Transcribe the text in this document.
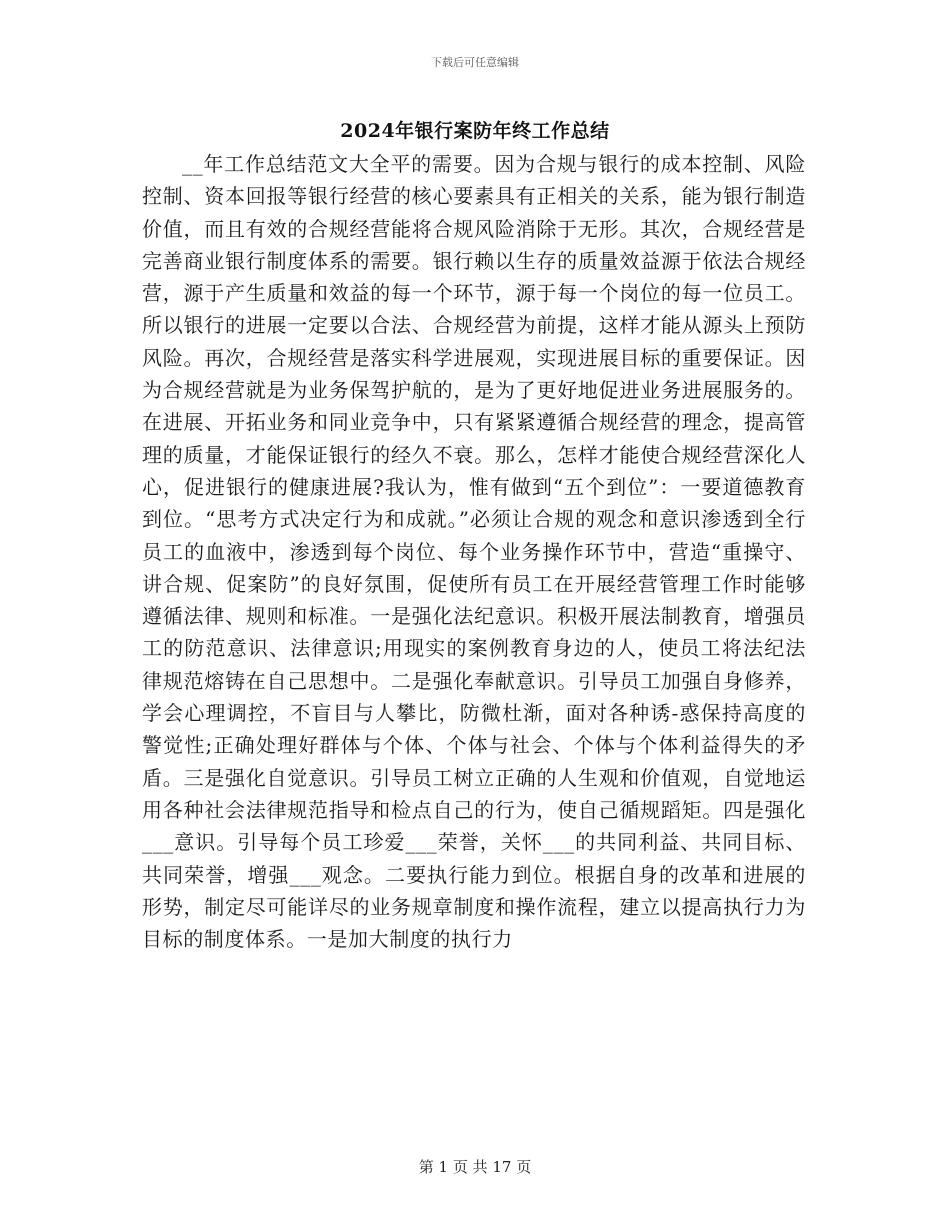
下载后可任意编辑
2024年银行案防年终工作总结

__年工作总结范文大全平的需要。因为合规与银行的成本控制、风险控制、资本回报等银行经营的核心要素具有正相关的关系，能为银行制造价值，而且有效的合规经营能将合规风险消除于无形。其次，合规经营是完善商业银行制度体系的需要。银行赖以生存的质量效益源于依法合规经营，源于产生质量和效益的每一个环节，源于每一个岗位的每一位员工。所以银行的进展一定要以合法、合规经营为前提，这样才能从源头上预防风险。再次，合规经营是落实科学进展观，实现进展目标的重要保证。因为合规经营就是为业务保驾护航的，是为了更好地促进业务进展服务的。在进展、开拓业务和同业竞争中，只有紧紧遵循合规经营的理念，提高管理的质量，才能保证银行的经久不衰。那么，怎样才能使合规经营深化人心，促进银行的健康进展?我认为，惟有做到“五个到位”：一要道德教育到位。“思考方式决定行为和成就。”必须让合规的观念和意识渗透到全行员工的血液中，渗透到每个岗位、每个业务操作环节中，营造“重操守、讲合规、促案防”的良好氛围，促使所有员工在开展经营管理工作时能够遵循法律、规则和标准。一是强化法纪意识。积极开展法制教育，增强员工的防范意识、法律意识;用现实的案例教育身边的人，使员工将法纪法律规范熔铸在自己思想中。二是强化奉献意识。引导员工加强自身修养，学会心理调控，不盲目与人攀比，防微杜渐，面对各种诱-惑保持高度的警觉性;正确处理好群体与个体、个体与社会、个体与个体利益得失的矛盾。三是强化自觉意识。引导员工树立正确的人生观和价值观，自觉地运用各种社会法律规范指导和检点自己的行为，使自己循规蹈矩。四是强化___意识。引导每个员工珍爱___荣誉，关怀___的共同利益、共同目标、共同荣誉，增强___观念。二要执行能力到位。根据自身的改革和进展的形势，制定尽可能详尽的业务规章制度和操作流程，建立以提高执行力为目标的制度体系。一是加大制度的执行力

第 1 页 共 17 页
